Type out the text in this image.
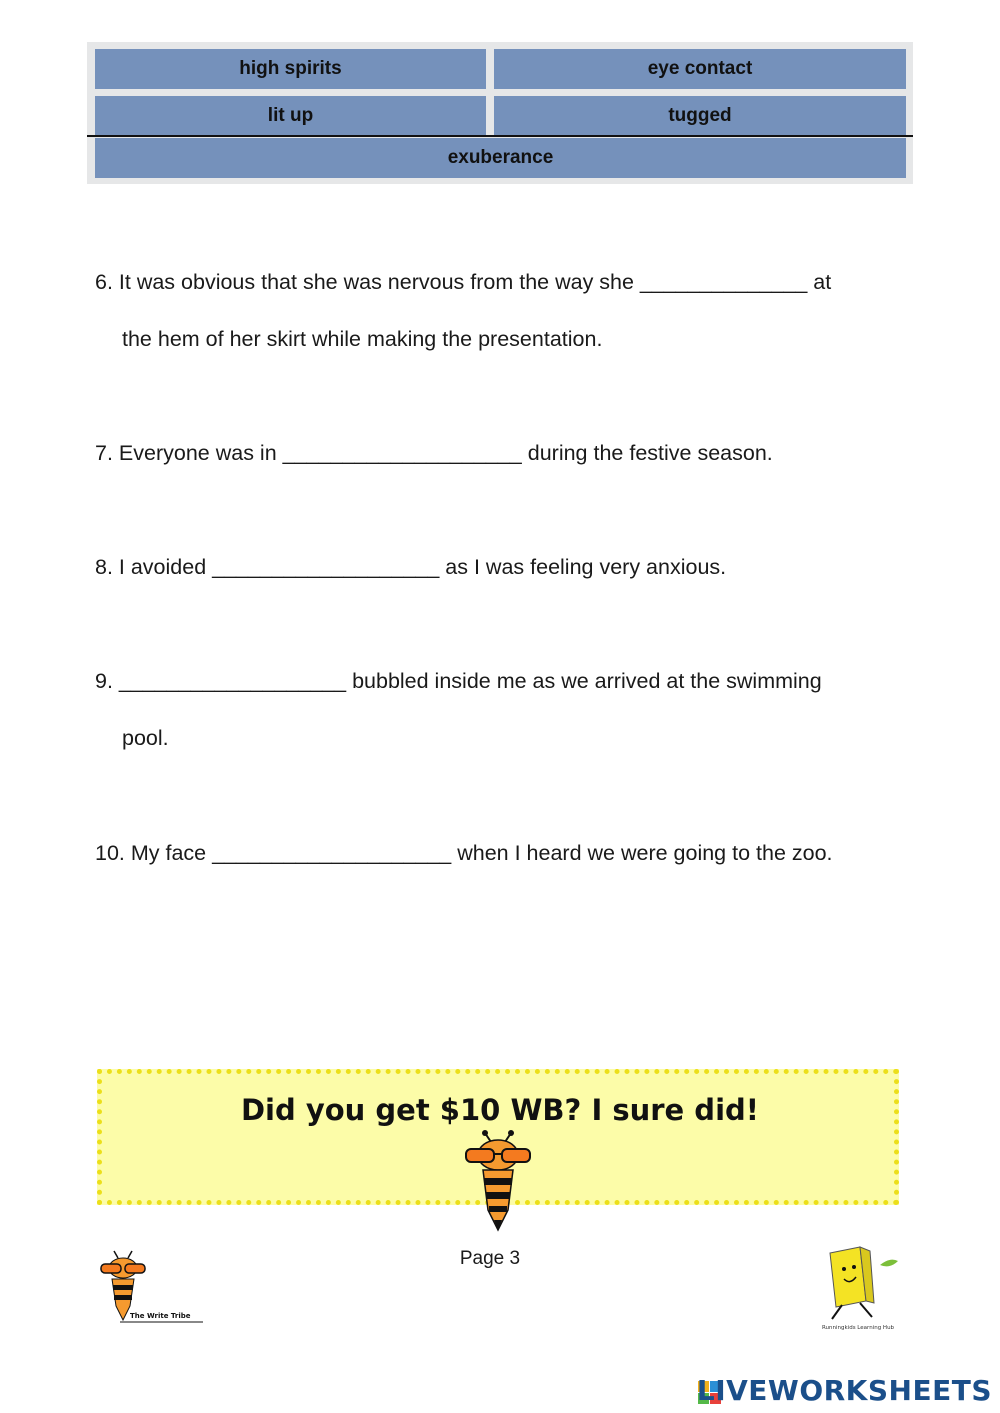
high spirits	eye contact
lit up	tugged
exuberance
6. It was obvious that she was nervous from the way she ______________ at
the hem of her skirt while making the presentation.
7. Everyone was in ____________________ during the festive season.
8. I avoided ___________________ as I was feeling very anxious.
9. ___________________ bubbled inside me as we arrived at the swimming
pool.
10. My face ____________________ when I heard we were going to the zoo.
Did you get $10 WB? I sure did!
Page 3
The Write Tribe
Runningkids Learning Hub
LIVEWORKSHEETS
